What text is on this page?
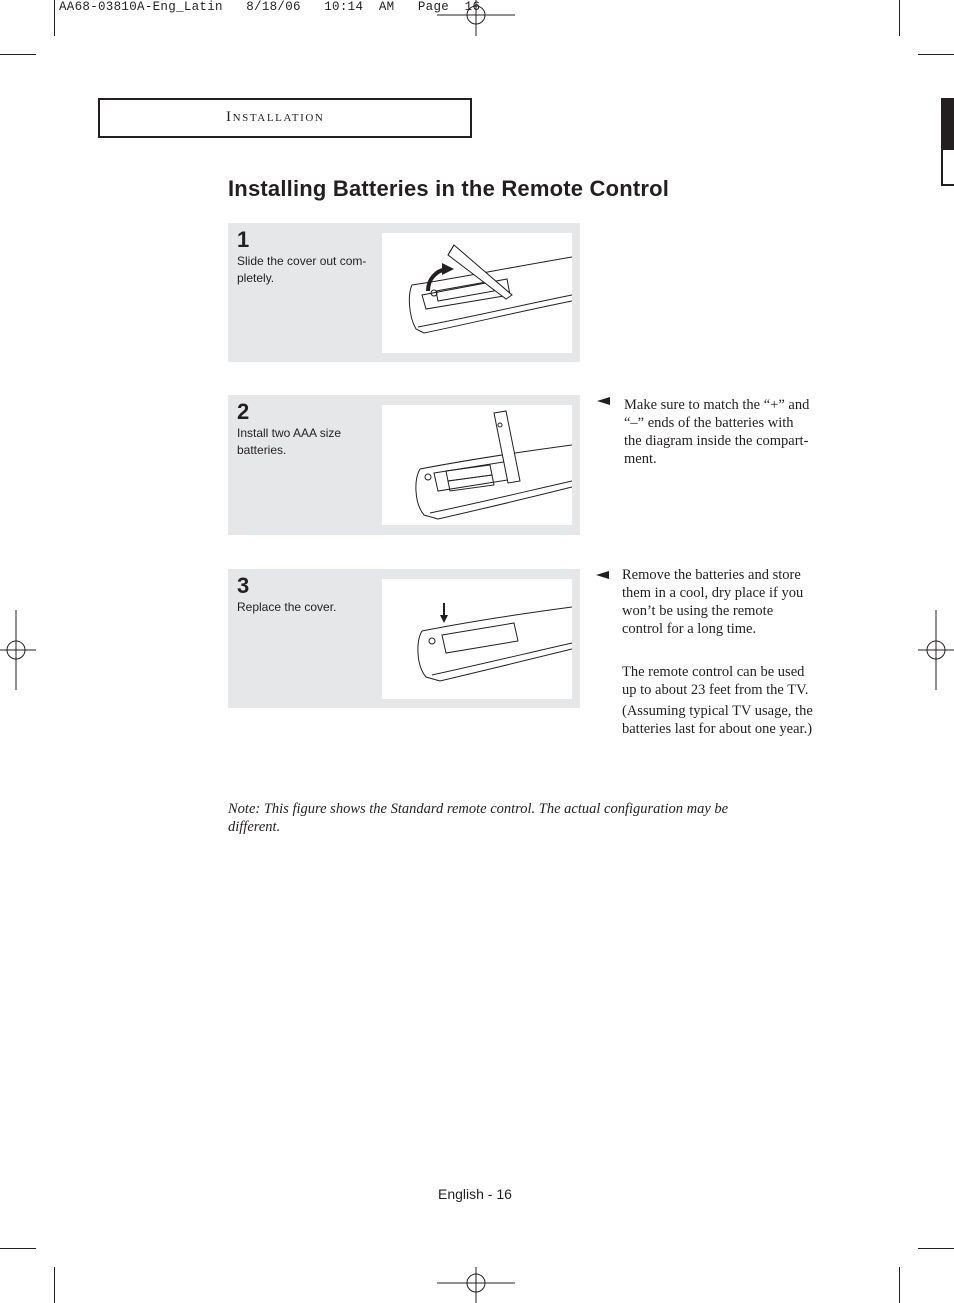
AA68-03810A-Eng_Latin   8/18/06   10:14  AM   Page  16
Installation
Installing Batteries in the Remote Control
1
Slide the cover out com-
pletely.
2
Install two AAA size
batteries.
Make sure to match the “+” and
“–” ends of the batteries with
the diagram inside the compart-
ment.
3
Replace the cover.
Remove the batteries and store
them in a cool, dry place if you
won’t be using the remote
control for a long time.
The remote control can be used
up to about 23 feet from the TV.
(Assuming typical TV usage, the
batteries last for about one year.)
Note: This figure shows the Standard remote control. The actual configuration may be
different.
English - 16
